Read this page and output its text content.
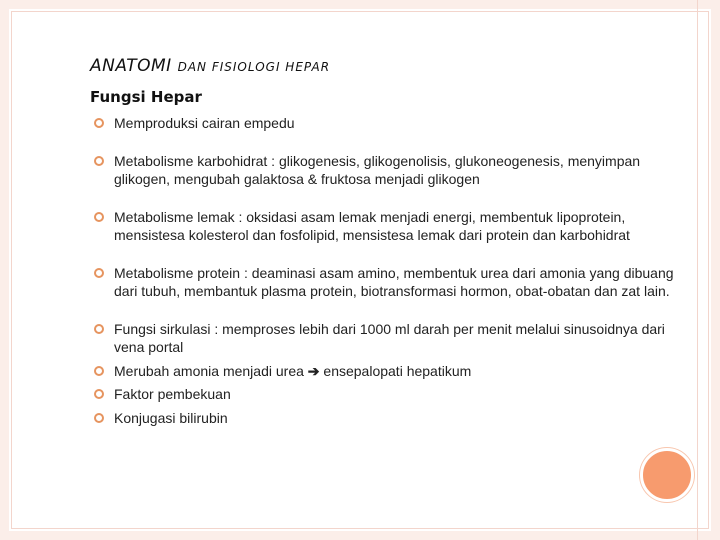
ANATOMI DAN FISIOLOGI HEPAR
Fungsi Hepar
Memproduksi cairan empedu
Metabolisme karbohidrat : glikogenesis, glikogenolisis, glukoneogenesis, menyimpan glikogen, mengubah galaktosa & fruktosa menjadi glikogen
Metabolisme lemak : oksidasi asam lemak menjadi energi, membentuk lipoprotein, mensistesa kolesterol dan fosfolipid, mensistesa lemak dari protein dan karbohidrat
Metabolisme protein : deaminasi asam amino, membentuk urea dari amonia yang dibuang dari tubuh, membantuk plasma protein, biotransformasi hormon, obat-obatan dan zat lain.
Fungsi sirkulasi : memproses lebih dari 1000 ml darah per menit melalui sinusoidnya dari vena portal
Merubah amonia menjadi urea ➔ ensepalopati hepatikum
Faktor pembekuan
Konjugasi bilirubin
